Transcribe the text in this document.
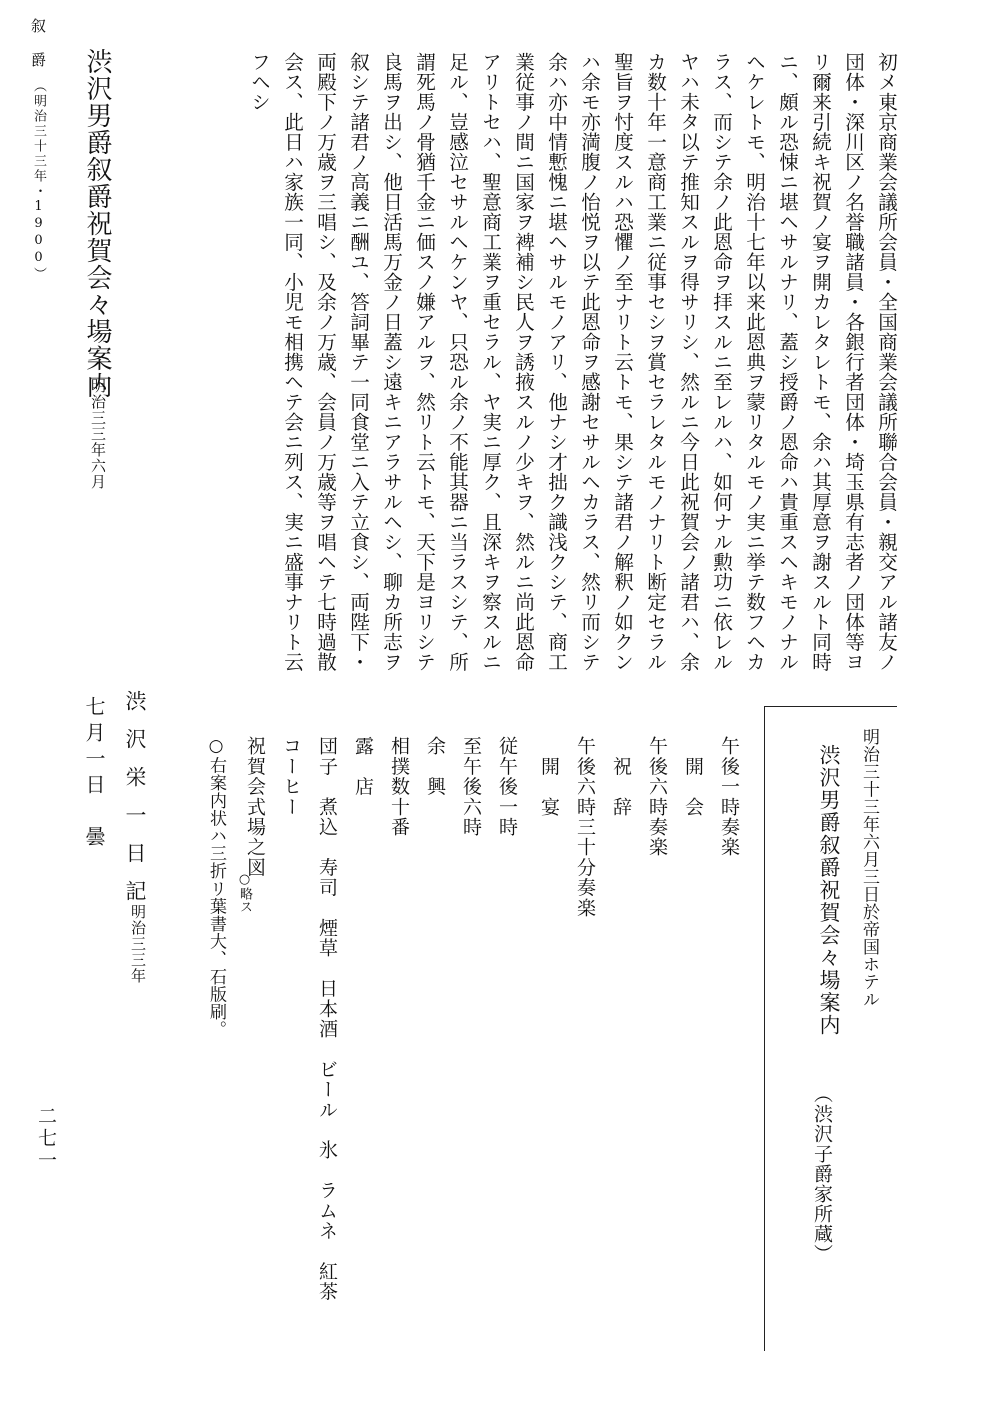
叙　爵（明治三十三年・1900） 渋沢男爵叙爵祝賀会々場案内
明治三三年六月	初メ東京商業会議所会員・全国商業会議所聯合会員・親交アル諸友ノ
団体・深川区ノ名誉職諸員・各銀行者団体・埼玉県有志者ノ団体等ヨ
リ爾来引続キ祝賀ノ宴ヲ開カレタレトモ、余ハ其厚意ヲ謝スルト同時
ニ、頗ル恐悚ニ堪ヘサルナリ、蓋シ授爵ノ恩命ハ貴重スヘキモノナル
ヘケレトモ、明治十七年以来此恩典ヲ蒙リタルモノ実ニ挙テ数フヘカ
ラス、而シテ余ノ此恩命ヲ拝スルニ至レルハ、如何ナル勲功ニ依レル
ヤハ未タ以テ推知スルヲ得サリシ、然ルニ今日此祝賀会ノ諸君ハ、余
カ数十年一意商工業ニ従事セシヲ賞セラレタルモノナリト断定セラル
聖旨ヲ忖度スルハ恐懼ノ至ナリト云トモ、果シテ諸君ノ解釈ノ如クン
ハ余モ亦満腹ノ怡悦ヲ以テ此恩命ヲ感謝セサルヘカラス、然リ而シテ
余ハ亦中情慙愧ニ堪ヘサルモノアリ、他ナシ才拙ク識浅クシテ、商工
業従事ノ間ニ国家ヲ裨補シ民人ヲ誘掖スルノ少キヲ、然ルニ尚此恩命
アリトセハ、聖意商工業ヲ重セラル、ヤ実ニ厚ク、且深キヲ察スルニ
足ル、豈感泣セサルヘケンヤ、只恐ル余ノ不能其器ニ当ラスシテ、所
謂死馬ノ骨猶千金ニ価スノ嫌アルヲ、然リト云トモ、天下是ヨリシテ
良馬ヲ出シ、他日活馬万金ノ日蓋シ遠キニアラサルヘシ、聊カ所志ヲ
叙シテ諸君ノ高義ニ酬ユ、答詞畢テ一同食堂ニ入テ立食シ、両陛下・
両殿下ノ万歳ヲ三唱シ、及余ノ万歳、会員ノ万歳等ヲ唱ヘテ七時過散
会ス、此日ハ家族一同、小児モ相携ヘテ会ニ列ス、実ニ盛事ナリト云
フヘシ
明治三十三年六月三日於帝国ホテル
渋沢男爵叙爵祝賀会々場案内
午後一時奏楽
　開　会
午後六時奏楽
　祝　辞
午後六時三十分奏楽
　開　宴
従午後一時
至午後六時
余　興
相撲数十番
露　店
団子　煮込　寿司　煙草　日本酒　ビール　氷　ラムネ　紅茶
コーヒー
祝賀会式場之図
○略ス
○右案内状ハ三折リ葉書大、石版刷。
（渋沢子爵家所蔵）
渋沢栄一日記
明治三三年
七月一日　曇
二七一
